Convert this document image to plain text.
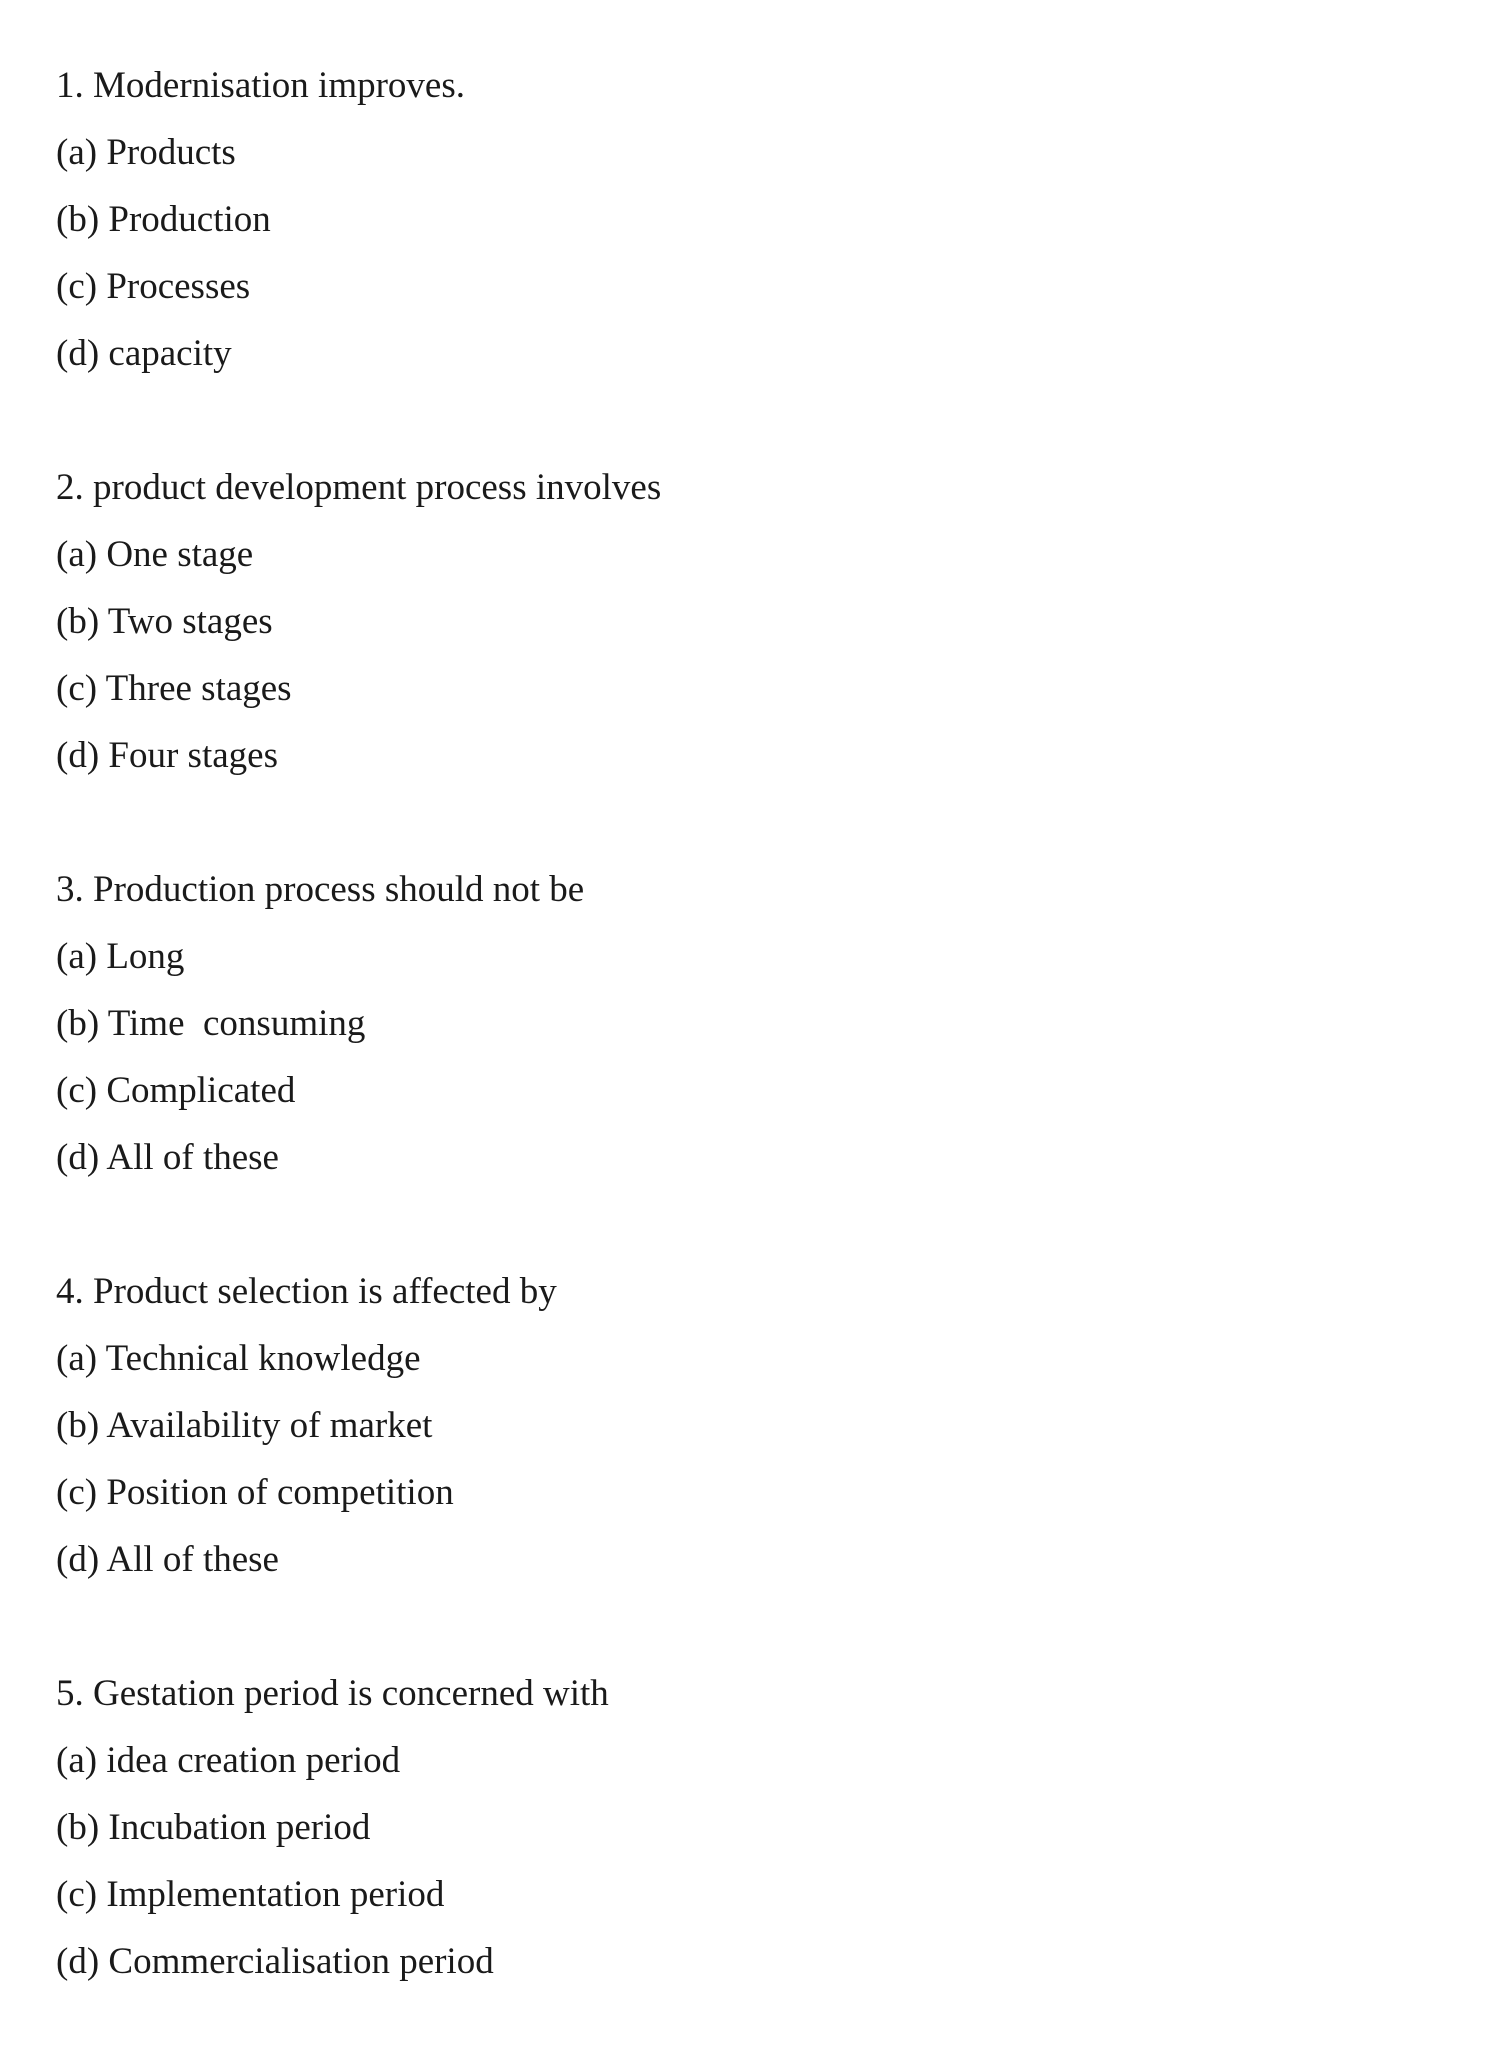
1. Modernisation improves.
(a) Products
(b) Production
(c) Processes
(d) capacity
2. product development process involves
(a) One stage
(b) Two stages
(c) Three stages
(d) Four stages
3. Production process should not be
(a) Long
(b) Time  consuming
(c) Complicated
(d) All of these
4. Product selection is affected by
(a) Technical knowledge
(b) Availability of market
(c) Position of competition
(d) All of these
5. Gestation period is concerned with
(a) idea creation period
(b) Incubation period
(c) Implementation period
(d) Commercialisation period
